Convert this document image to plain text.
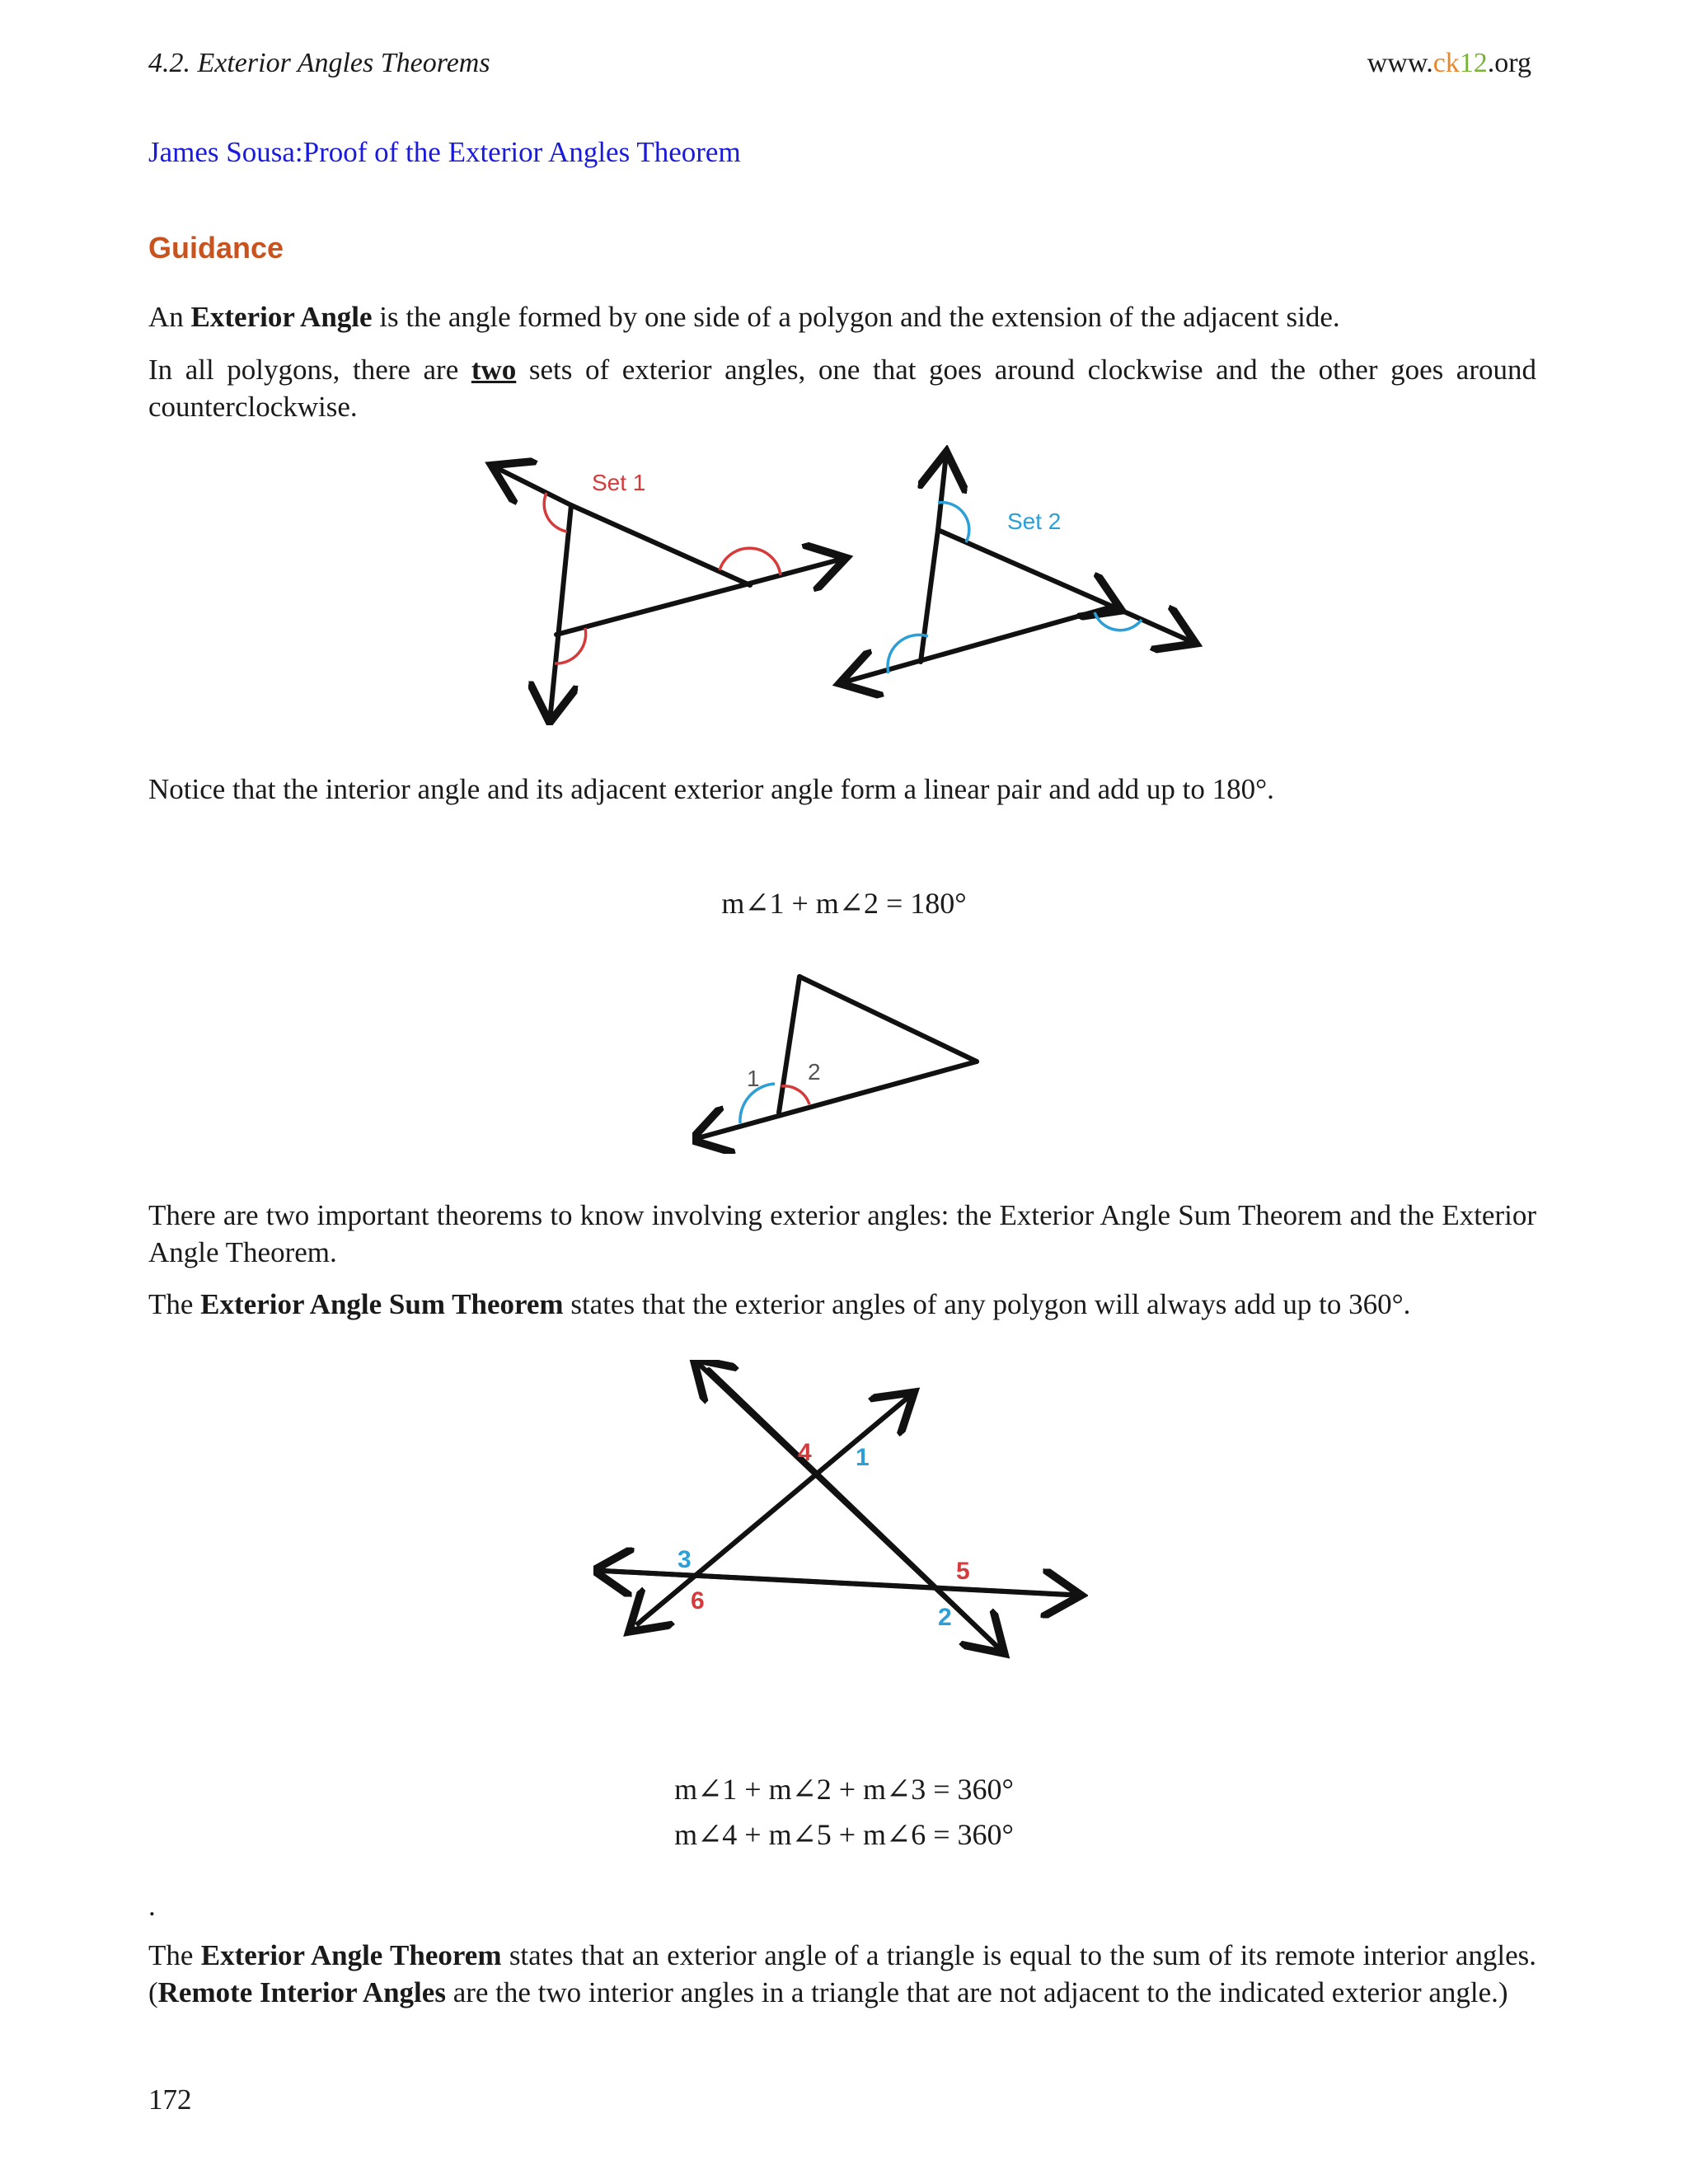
4.2. Exterior Angles Theorems	www.ck12.org
James Sousa:Proof of the Exterior Angles Theorem
Guidance
An Exterior Angle is the angle formed by one side of a polygon and the extension of the adjacent side.
In all polygons, there are two sets of exterior angles, one that goes around clockwise and the other goes around counterclockwise.
Set 1
Set 2
Notice that the interior angle and its adjacent exterior angle form a linear pair and add up to 180°.
m∠1 + m∠2 = 180°
1 2
There are two important theorems to know involving exterior angles: the Exterior Angle Sum Theorem and the Exterior Angle Theorem.
The Exterior Angle Sum Theorem states that the exterior angles of any polygon will always add up to 360°.
4 1
3
6
5
2
m∠1 + m∠2 + m∠3 = 360°
m∠4 + m∠5 + m∠6 = 360°
.
The Exterior Angle Theorem states that an exterior angle of a triangle is equal to the sum of its remote interior angles. (Remote Interior Angles are the two interior angles in a triangle that are not adjacent to the indicated exterior angle.)
172
